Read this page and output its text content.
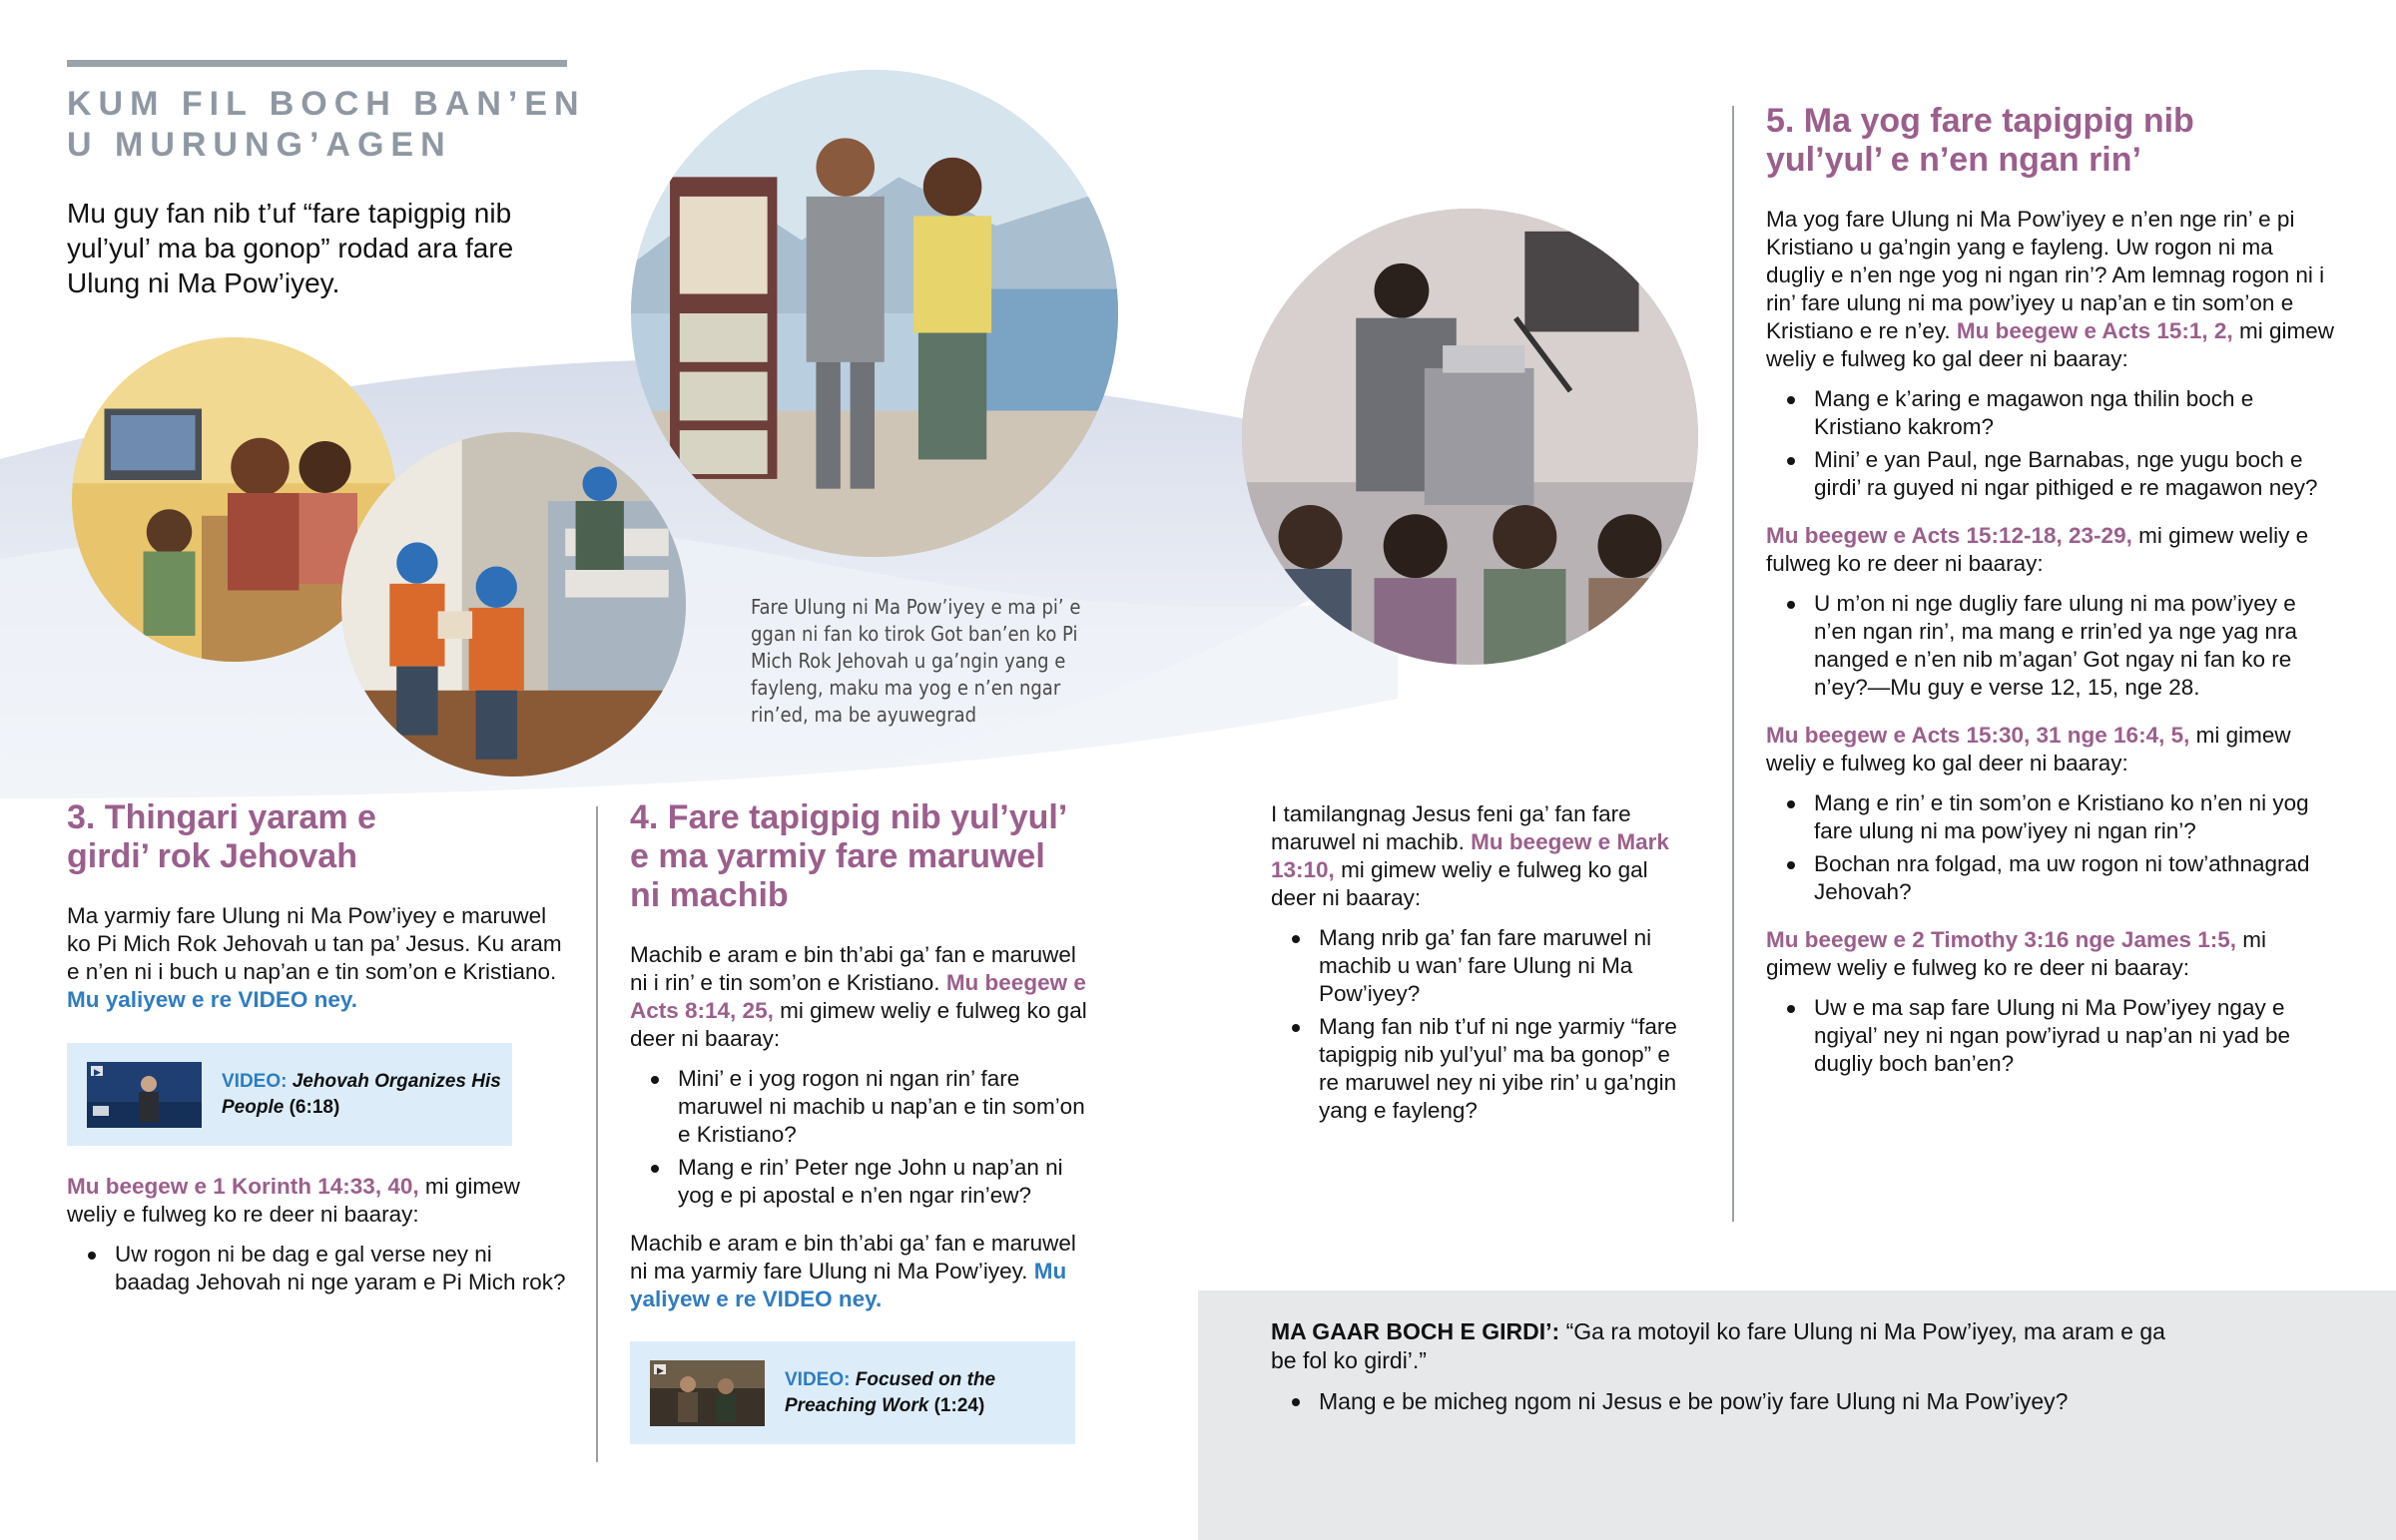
KUM FIL BOCH BAN’EN
U MURUNG’AGEN
Mu guy fan nib t’uf “fare tapigpig nib yul’yul’ ma ba gonop” rodad ara fare Ulung ni Ma Pow’iyey.
Fare Ulung ni Ma Pow’iyey e ma pi’ e ggan ni fan ko tirok Got ban’en ko Pi Mich Rok Jehovah u ga’ngin yang e fayleng, maku ma yog e n’en ngar rin’ed, ma be ayuwegrad
3. Thingari yaram e
girdi’ rok Jehovah
Ma yarmiy fare Ulung ni Ma Pow’iyey e maruwel ko Pi Mich Rok Jehovah u tan pa’ Jesus. Ku aram e n’en ni i buch u nap’an e tin som’on e Kristiano. Mu yaliyew e re VIDEO ney.
▶	VIDEO: Jehovah Organizes His People (6:18)
Mu beegew e 1 Korinth 14:33, 40, mi gimew weliy e fulweg ko re deer ni baaray:
Uw rogon ni be dag e gal verse ney ni baadag Jehovah ni nge yaram e Pi Mich rok?
4. Fare tapigpig nib yul’yul’
e ma yarmiy fare maruwel
ni machib
Machib e aram e bin th’abi ga’ fan e maruwel ni i rin’ e tin som’on e Kristiano. Mu beegew e Acts 8:14, 25, mi gimew weliy e fulweg ko gal deer ni baaray:
Mini’ e i yog rogon ni ngan rin’ fare maruwel ni machib u nap’an e tin som’on e Kristiano?
Mang e rin’ Peter nge John u nap’an ni yog e pi apostal e n’en ngar rin’ew?
Machib e aram e bin th’abi ga’ fan e maruwel ni ma yarmiy fare Ulung ni Ma Pow’iyey. Mu yaliyew e re VIDEO ney.
▶	VIDEO: Focused on the Preaching Work (1:24)
I tamilangnag Jesus feni ga’ fan fare maruwel ni machib. Mu beegew e Mark 13:10, mi gimew weliy e fulweg ko gal deer ni baaray:
Mang nrib ga’ fan fare maruwel ni machib u wan’ fare Ulung ni Ma Pow’iyey?
Mang fan nib t’uf ni nge yarmiy “fare tapigpig nib yul’yul’ ma ba gonop” e re maruwel ney ni yibe rin’ u ga’ngin yang e fayleng?
5. Ma yog fare tapigpig nib
yul’yul’ e n’en ngan rin’
Ma yog fare Ulung ni Ma Pow’iyey e n’en nge rin’ e pi Kristiano u ga’ngin yang e fayleng. Uw rogon ni ma dugliy e n’en nge yog ni ngan rin’? Am lemnag rogon ni i rin’ fare ulung ni ma pow’iyey u nap’an e tin som’on e Kristiano e re n’ey. Mu beegew e Acts 15:1, 2, mi gimew weliy e fulweg ko gal deer ni baaray:
Mang e k’aring e magawon nga thilin boch e Kristiano kakrom?
Mini’ e yan Paul, nge Barnabas, nge yugu boch e girdi’ ra guyed ni ngar pithiged e re magawon ney?
Mu beegew e Acts 15:12-18, 23-29, mi gimew weliy e fulweg ko re deer ni baaray:
U m’on ni nge dugliy fare ulung ni ma pow’iyey e n’en ngan rin’, ma mang e rrin’ed ya nge yag nra nanged e n’en nib m’agan’ Got ngay ni fan ko re n’ey?—Mu guy e verse 12, 15, nge 28.
Mu beegew e Acts 15:30, 31 nge 16:4, 5, mi gimew weliy e fulweg ko gal deer ni baaray:
Mang e rin’ e tin som’on e Kristiano ko n’en ni yog fare ulung ni ma pow’iyey ni ngan rin’?
Bochan nra folgad, ma uw rogon ni tow’athnagrad Jehovah?
Mu beegew e 2 Timothy 3:16 nge James 1:5, mi gimew weliy e fulweg ko re deer ni baaray:
Uw e ma sap fare Ulung ni Ma Pow’iyey ngay e ngiyal’ ney ni ngan pow’iyrad u nap’an ni yad be dugliy boch ban’en?
MA GAAR BOCH E GIRDI’: “Ga ra motoyil ko fare Ulung ni Ma Pow’iyey, ma aram e ga be fol ko girdi’.”
Mang e be micheg ngom ni Jesus e be pow’iy fare Ulung ni Ma Pow’iyey?
